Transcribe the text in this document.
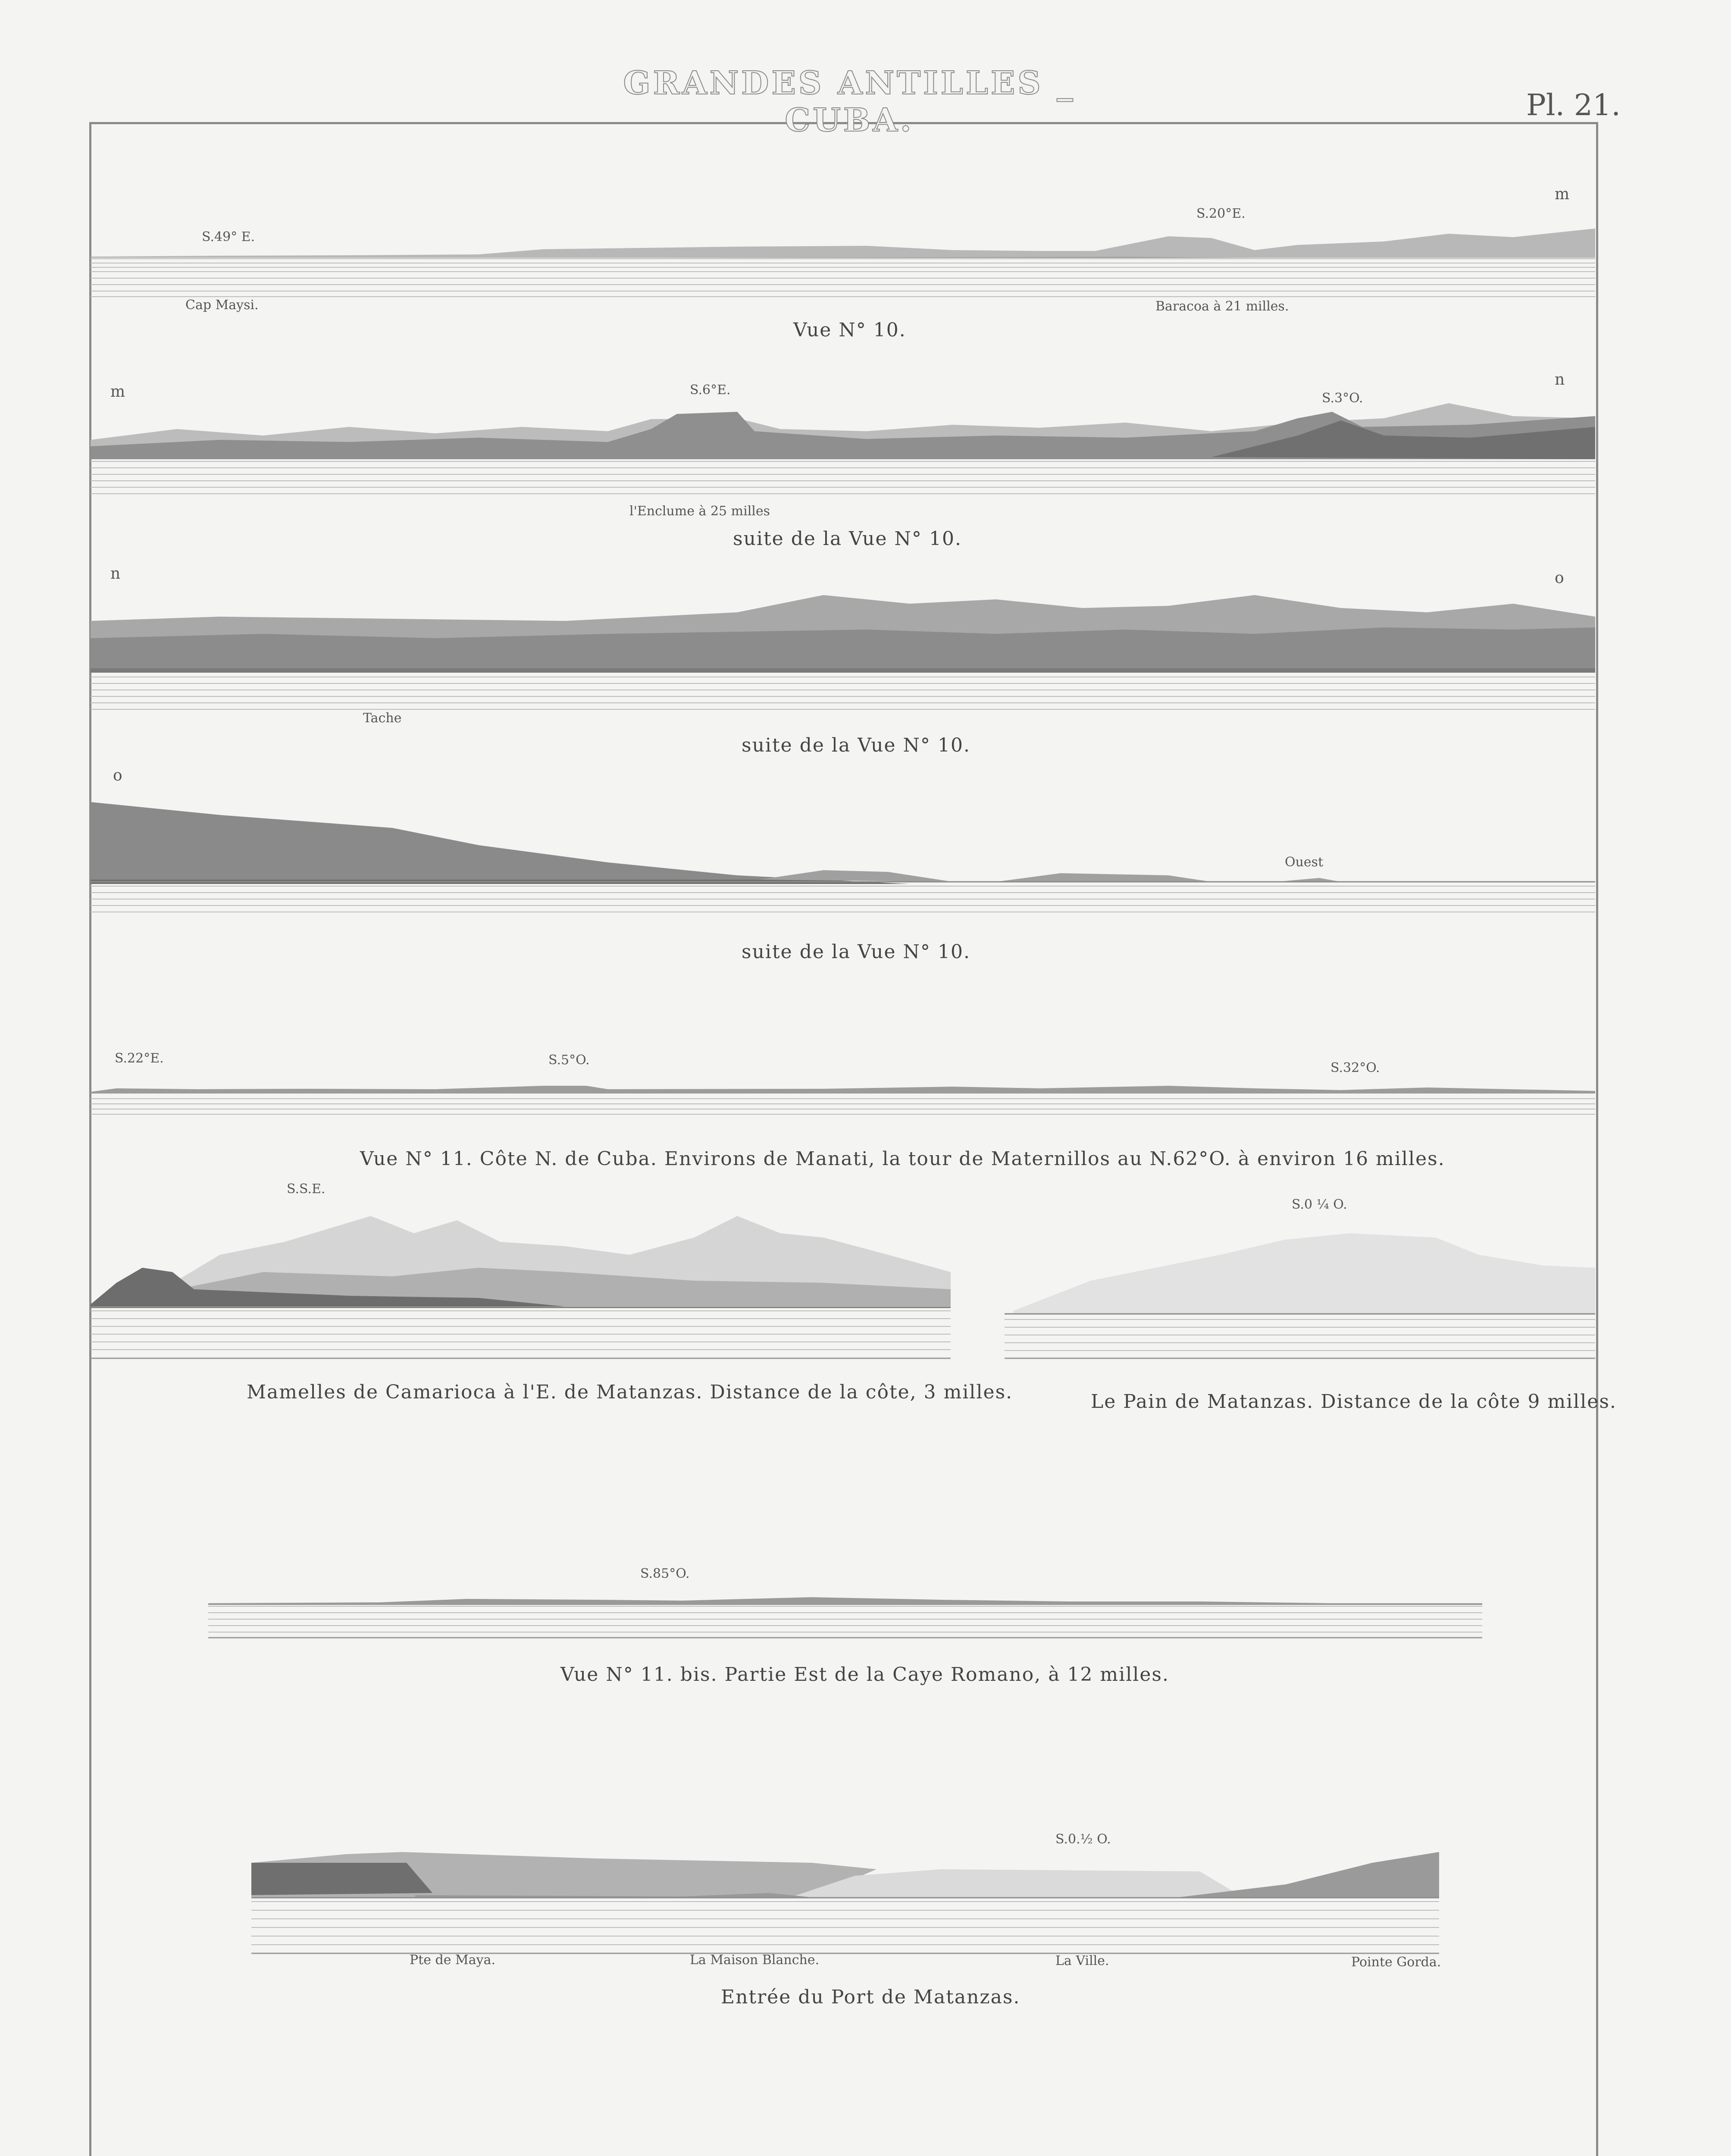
GRANDES ANTILLES _ CUBA.	Pl. 21.
S.49° E.
S.20°E.
Cap Maysi.	Baracoa à 21 milles.
m
Vue N° 10.
m
n
S.6°E.
S.3°O.
l'Enclume à 25 milles
suite de la Vue N° 10.
n	o
Tache
suite de la Vue N° 10.
o
Ouest
suite de la Vue N° 10.
S.22°E.	S.5°O.
S.32°O.
Vue N° 11. Côte N. de Cuba. Environs de Manati, la tour de Maternillos au N.62°O. à environ 16 milles.
S.S.E.
Mamelles de Camarioca à l'E. de Matanzas. Distance de la côte, 3 milles.
S.0 ¼ O.
Le Pain de Matanzas. Distance de la côte 9 milles.
S.85°O.
Vue N° 11. bis. Partie Est de la Caye Romano, à 12 milles.
S.0.½ O.
Pte de Maya.	La Maison Blanche.	La Ville.	Pointe Gorda.
Entrée du Port de Matanzas.
